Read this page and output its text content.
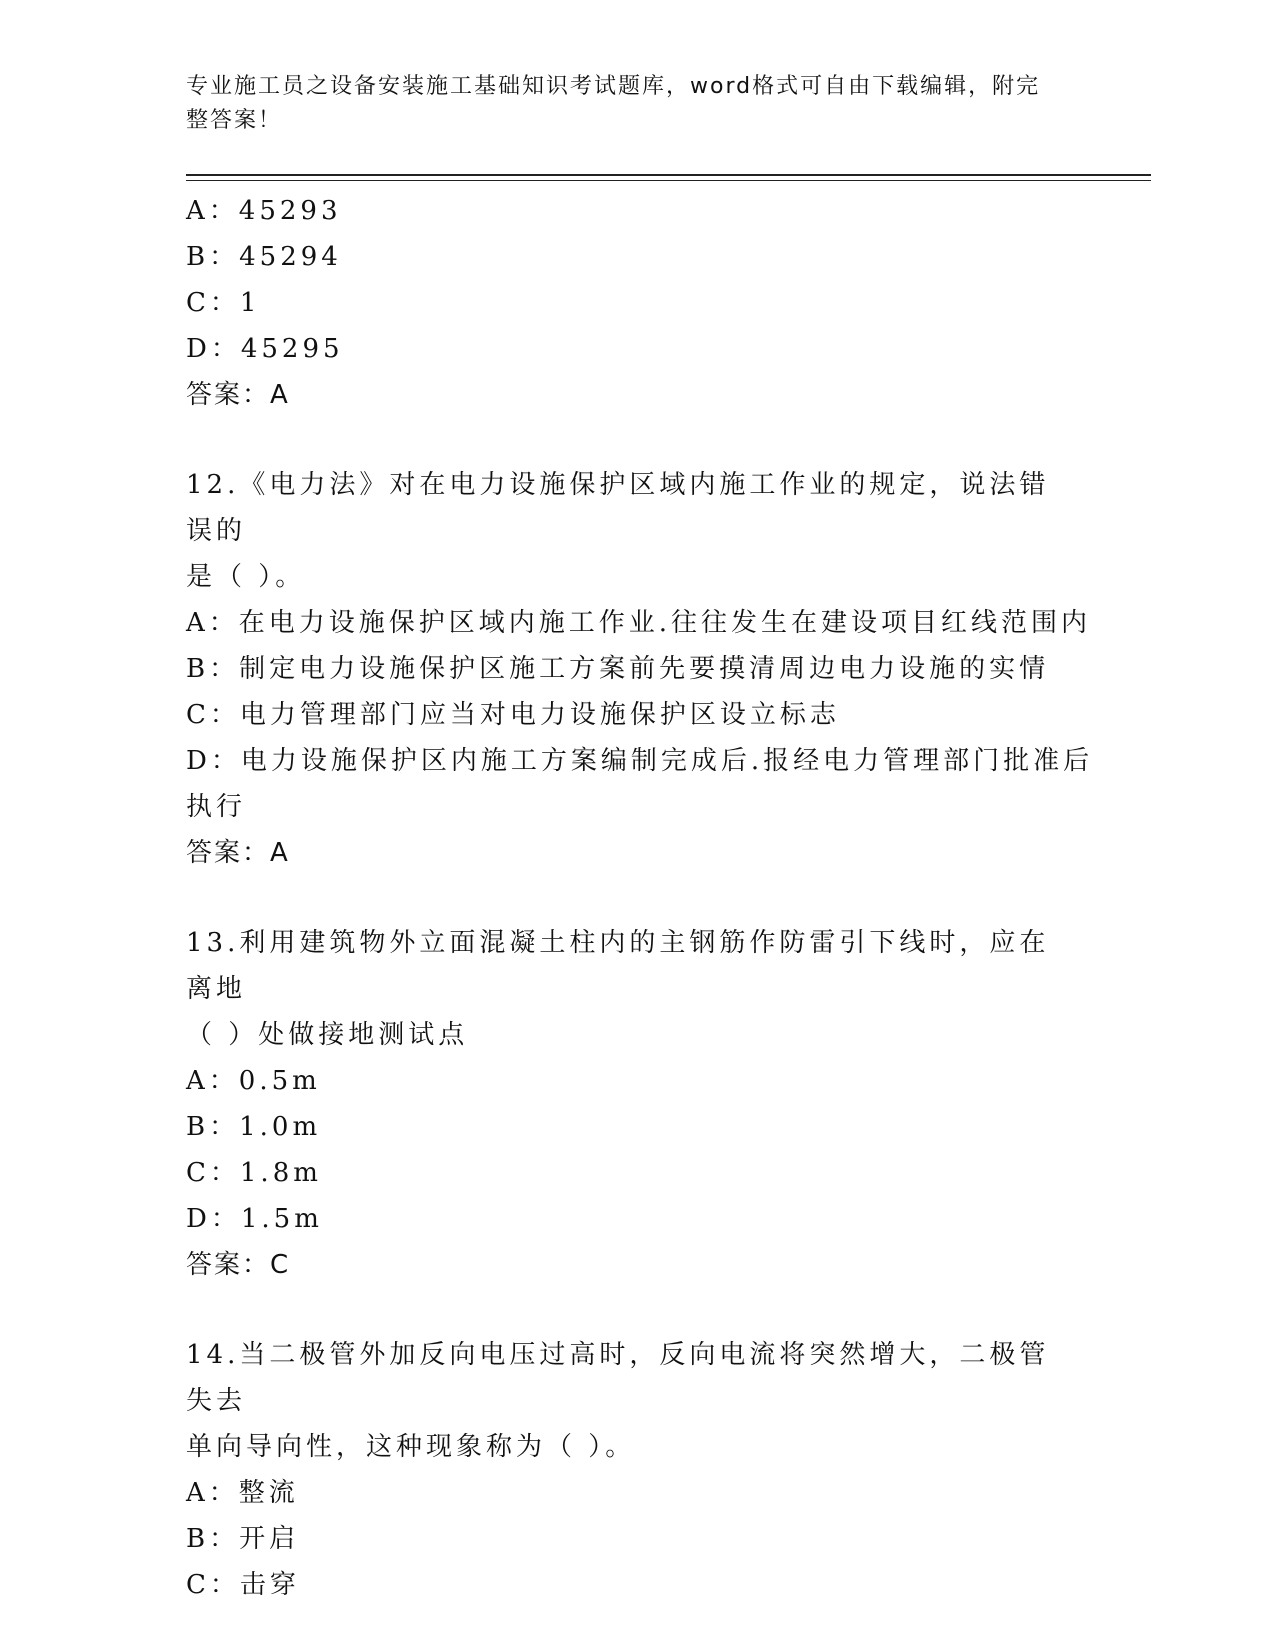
专业施工员之设备安装施工基础知识考试题库，word格式可自由下载编辑，附完
整答案！
A：45293
B：45294
C：1
D：45295
答案：A
12.《电力法》对在电力设施保护区域内施工作业的规定，说法错误的
是（ ）。
A：在电力设施保护区域内施工作业.往往发生在建设项目红线范围内
B：制定电力设施保护区施工方案前先要摸清周边电力设施的实情
C：电力管理部门应当对电力设施保护区设立标志
D：电力设施保护区内施工方案编制完成后.报经电力管理部门批准后
执行
答案：A
13.利用建筑物外立面混凝土柱内的主钢筋作防雷引下线时，应在离地
（ ）处做接地测试点
A：0.5m
B：1.0m
C：1.8m
D：1.5m
答案：C
14.当二极管外加反向电压过高时，反向电流将突然增大，二极管失去
单向导向性，这种现象称为（ ）。
A：整流
B：开启
C：击穿
